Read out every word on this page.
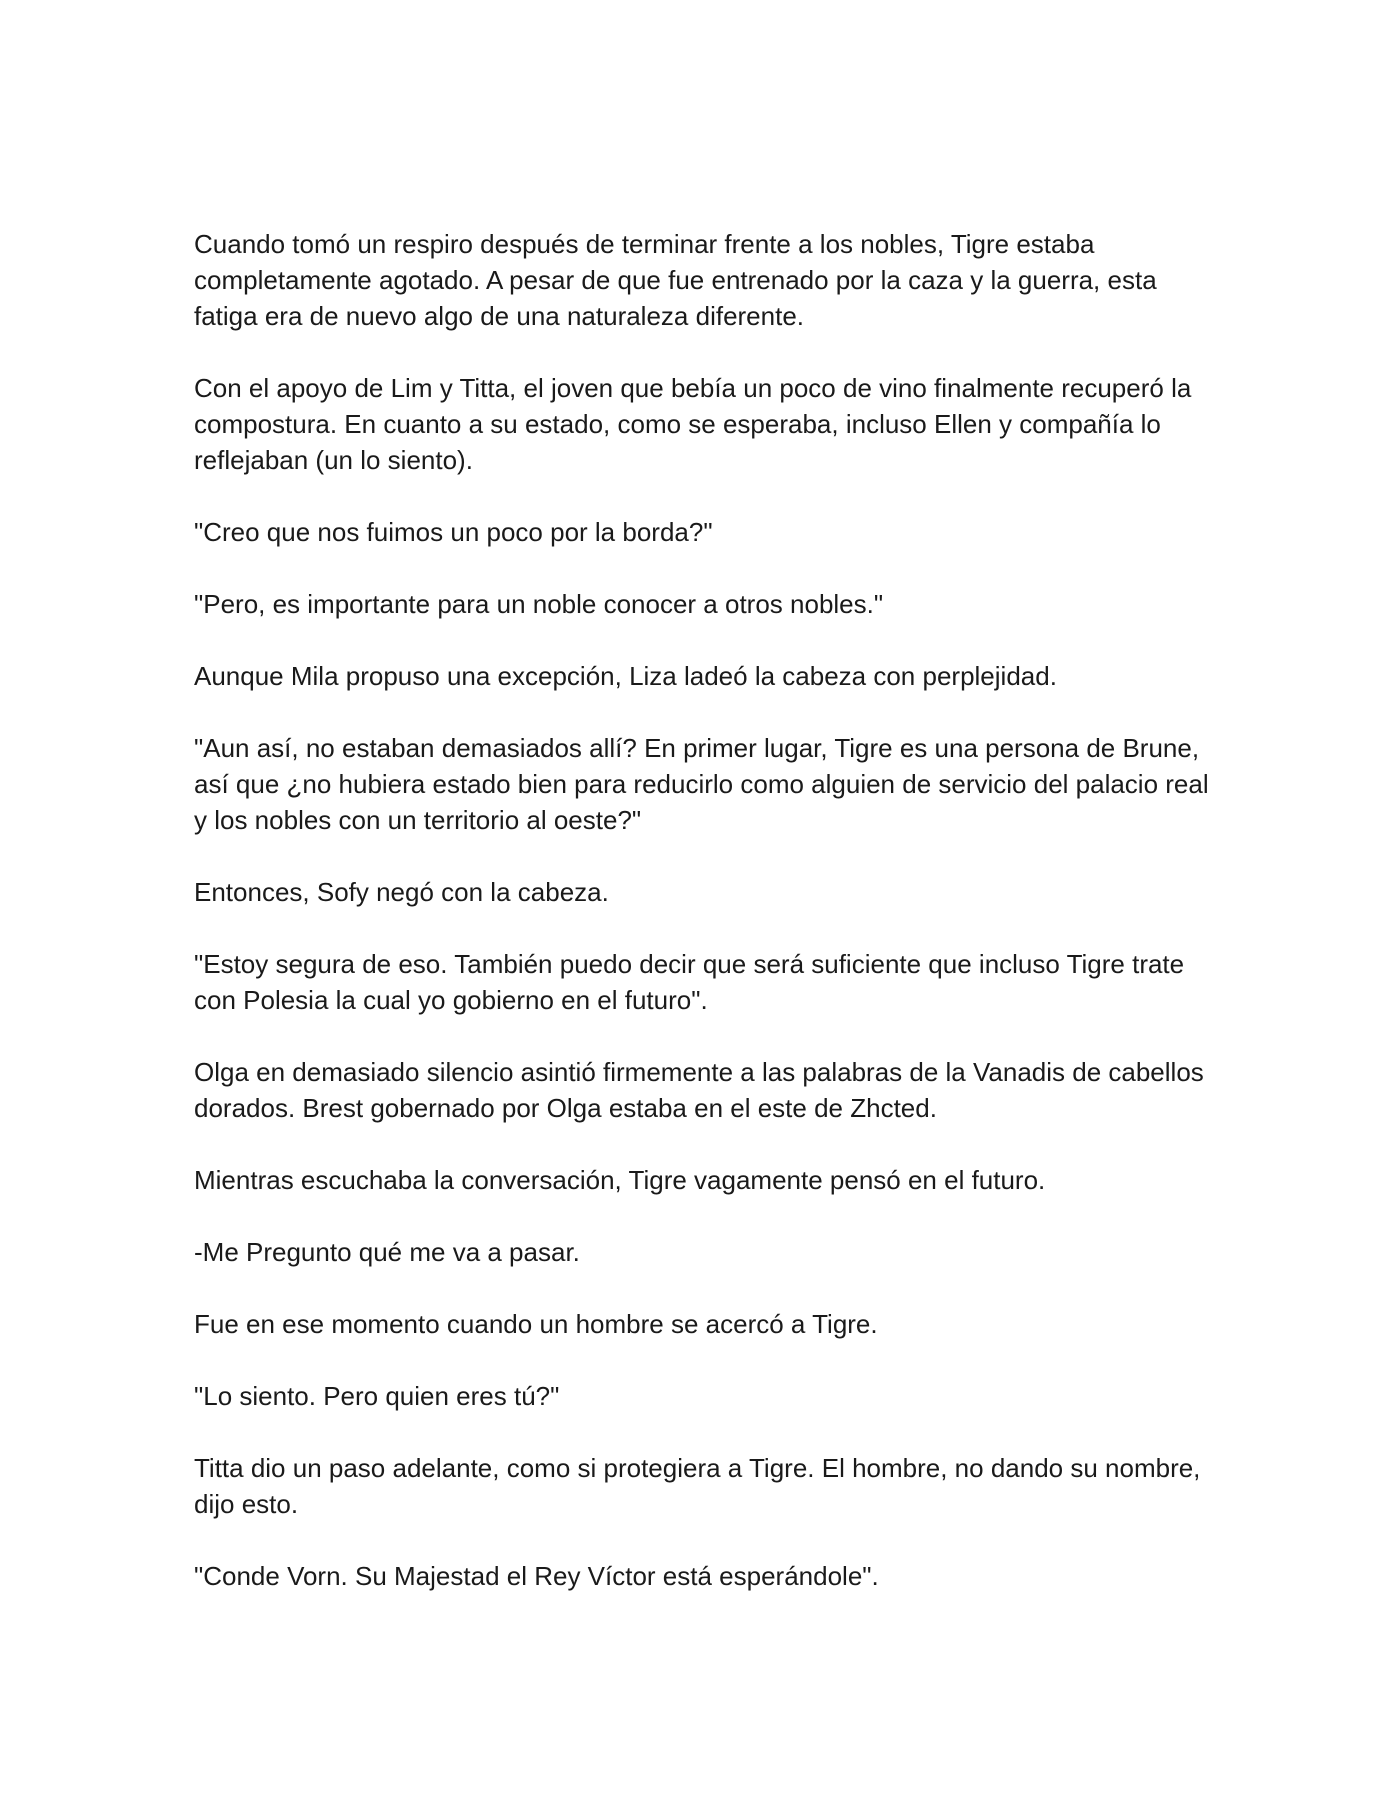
Cuando tomó un respiro después de terminar frente a los nobles, Tigre estaba completamente agotado. A pesar de que fue entrenado por la caza y la guerra, esta fatiga era de nuevo algo de una naturaleza diferente.

Con el apoyo de Lim y Titta, el joven que bebía un poco de vino finalmente recuperó la compostura. En cuanto a su estado, como se esperaba, incluso Ellen y compañía lo reflejaban (un lo siento).

"Creo que nos fuimos un poco por la borda?"

"Pero, es importante para un noble conocer a otros nobles."

Aunque Mila propuso una excepción, Liza ladeó la cabeza con perplejidad.

"Aun así, no estaban demasiados allí? En primer lugar, Tigre es una persona de Brune, así que ¿no hubiera estado bien para reducirlo como alguien de servicio del palacio real y los nobles con un territorio al oeste?"

Entonces, Sofy negó con la cabeza.

"Estoy segura de eso. También puedo decir que será suficiente que incluso Tigre trate con Polesia la cual yo gobierno en el futuro".

Olga en demasiado silencio asintió firmemente a las palabras de la Vanadis de cabellos dorados. Brest gobernado por Olga estaba en el este de Zhcted.

Mientras escuchaba la conversación, Tigre vagamente pensó en el futuro.

-Me Pregunto qué me va a pasar.

Fue en ese momento cuando un hombre se acercó a Tigre.

"Lo siento. Pero quien eres tú?"

Titta dio un paso adelante, como si protegiera a Tigre. El hombre, no dando su nombre, dijo esto.

"Conde Vorn. Su Majestad el Rey Víctor está esperándole".
